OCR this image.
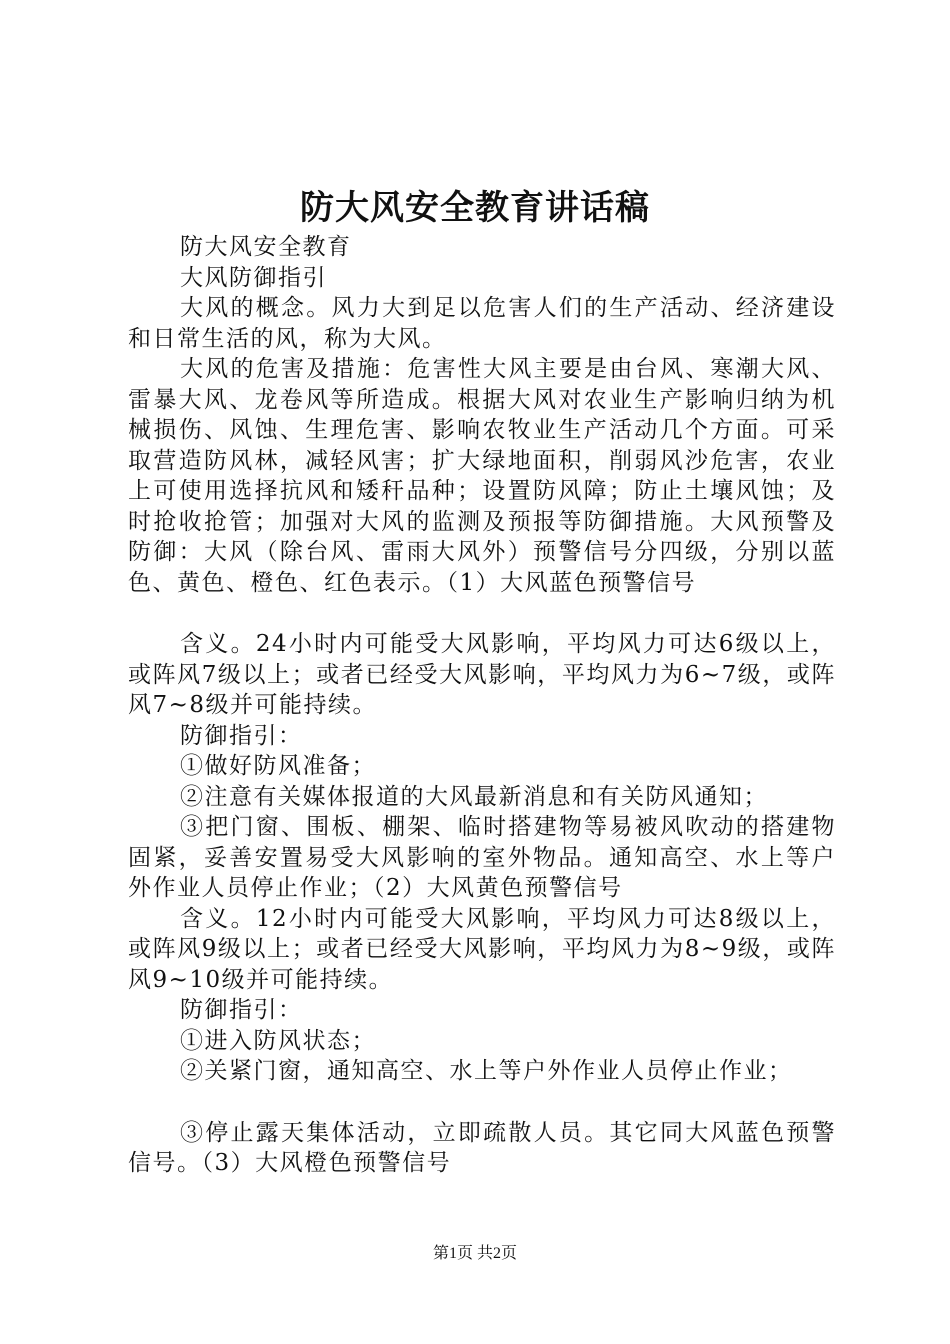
防大风安全教育讲话稿

防大风安全教育

大风防御指引

大风的概念。风力大到足以危害人们的生产活动、经济建设和日常生活的风，称为大风。

大风的危害及措施：危害性大风主要是由台风、寒潮大风、雷暴大风、龙卷风等所造成。根据大风对农业生产影响归纳为机械损伤、风蚀、生理危害、影响农牧业生产活动几个方面。可采取营造防风林，减轻风害；扩大绿地面积，削弱风沙危害，农业上可使用选择抗风和矮秆品种；设置防风障；防止土壤风蚀；及时抢收抢管；加强对大风的监测及预报等防御措施。大风预警及防御：大风（除台风、雷雨大风外）预警信号分四级，分别以蓝色、黄色、橙色、红色表示。（1）大风蓝色预警信号

含义。24小时内可能受大风影响，平均风力可达6级以上，或阵风7级以上；或者已经受大风影响，平均风力为6~7级，或阵风7~8级并可能持续。

防御指引：

①做好防风准备；

②注意有关媒体报道的大风最新消息和有关防风通知；

③把门窗、围板、棚架、临时搭建物等易被风吹动的搭建物固紧，妥善安置易受大风影响的室外物品。通知高空、水上等户外作业人员停止作业；（2）大风黄色预警信号

含义。12小时内可能受大风影响，平均风力可达8级以上，或阵风9级以上；或者已经受大风影响，平均风力为8~9级，或阵风9~10级并可能持续。

防御指引：

①进入防风状态；

②关紧门窗，通知高空、水上等户外作业人员停止作业；

③停止露天集体活动，立即疏散人员。其它同大风蓝色预警信号。（3）大风橙色预警信号

第1页 共2页
